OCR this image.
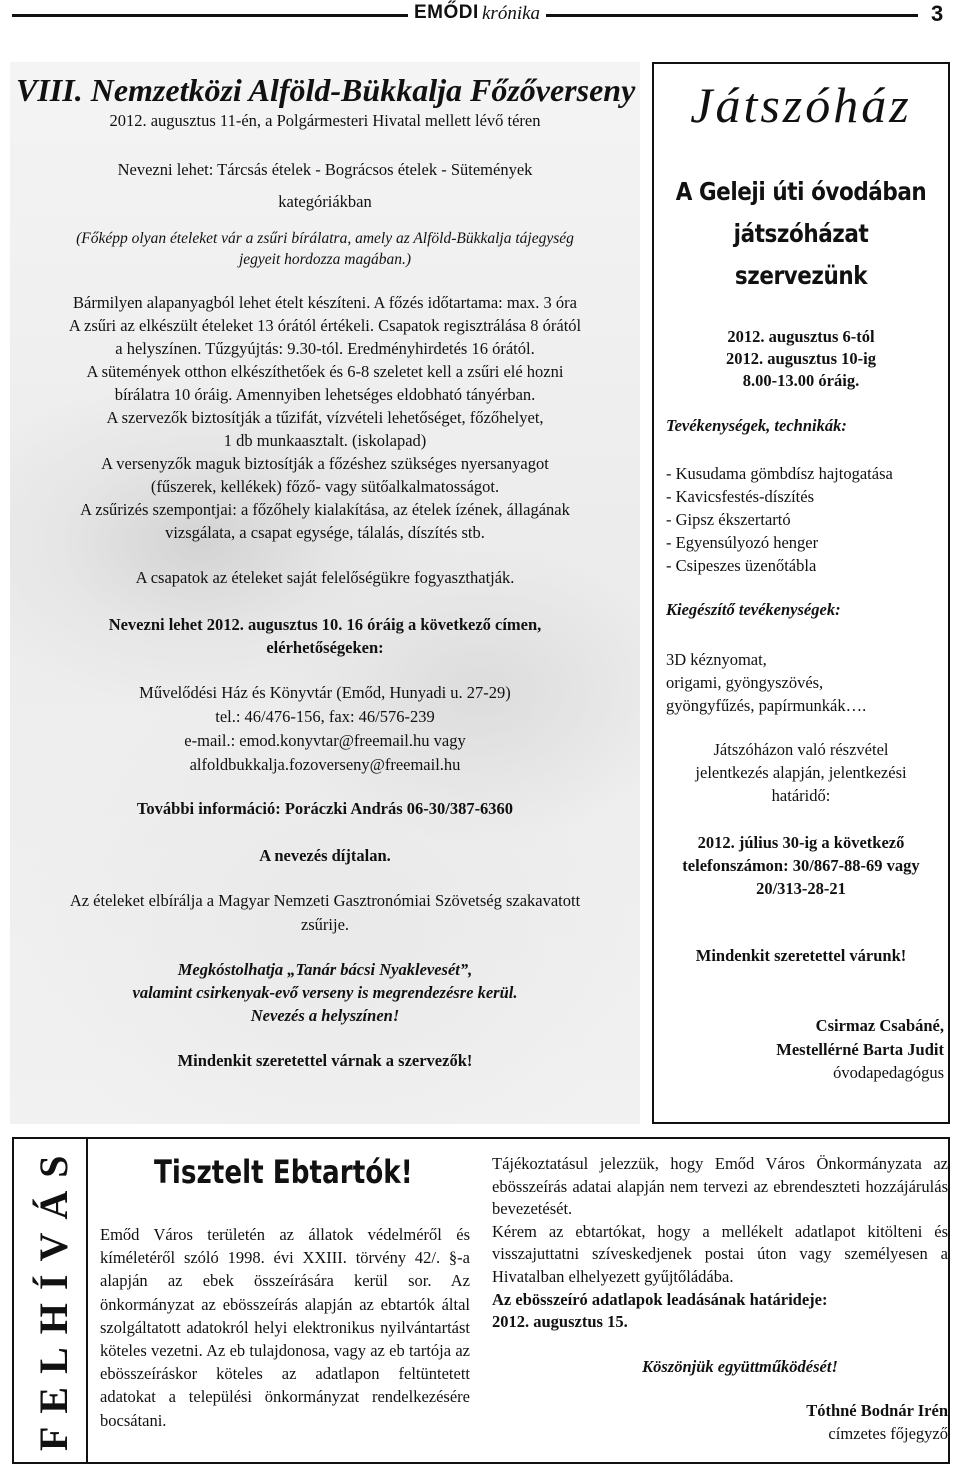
EMŐDI krónika	3
VIII. Nemzetközi Alföld-Bükkalja Főzőverseny
2012. augusztus 11-én, a Polgármesteri Hivatal mellett lévő téren
Nevezni lehet: Tárcsás ételek - Bográcsos ételek - Sütemények
kategóriákban
(Főképp olyan ételeket vár a zsűri bírálatra, amely az Alföld-Bükkalja tájegység
jegyeit hordozza magában.)
Bármilyen alapanyagból lehet ételt készíteni. A főzés időtartama: max. 3 óra
A zsűri az elkészült ételeket 13 órától értékeli. Csapatok regisztrálása 8 órától
a helyszínen. Tűzgyújtás: 9.30-tól. Eredményhirdetés 16 órától.
A sütemények otthon elkészíthetőek és 6-8 szeletet kell a zsűri elé hozni
bírálatra 10 óráig. Amennyiben lehetséges eldobható tányérban.
A szervezők biztosítják a tűzifát, vízvételi lehetőséget, főzőhelyet,
1 db munkaasztalt. (iskolapad)
A versenyzők maguk biztosítják a főzéshez szükséges nyersanyagot
(fűszerek, kellékek) főző- vagy sütőalkalmatosságot.
A zsűrizés szempontjai: a főzőhely kialakítása, az ételek ízének, állagának
vizsgálata, a csapat egysége, tálalás, díszítés stb.
A csapatok az ételeket saját felelőségükre fogyaszthatják.
Nevezni lehet 2012. augusztus 10. 16 óráig a következő címen,
elérhetőségeken:
Művelődési Ház és Könyvtár (Emőd, Hunyadi u. 27-29)
tel.: 46/476-156, fax: 46/576-239
e-mail.: emod.konyvtar@freemail.hu vagy
alfoldbukkalja.fozoverseny@freemail.hu
További információ: Poráczki András 06-30/387-6360
A nevezés díjtalan.
Az ételeket elbírálja a Magyar Nemzeti Gasztronómiai Szövetség szakavatott
zsűrije.
Megkóstolhatja „Tanár bácsi Nyaklevesét”,
valamint csirkenyak-evő verseny is megrendezésre kerül.
Nevezés a helyszínen!
Mindenkit szeretettel várnak a szervezők!
Játszóház
A Geleji úti óvodában
játszóházat
szervezünk
2012. augusztus 6-tól
2012. augusztus 10-ig
8.00-13.00 óráig.
Tevékenységek, technikák:
- Kusudama gömbdísz hajtogatása
- Kavicsfestés-díszítés
- Gipsz ékszertartó
- Egyensúlyozó henger
- Csipeszes üzenőtábla
Kiegészítő tevékenységek:
3D kéznyomat,
origami, gyöngyszövés,
gyöngyfűzés, papírmunkák….
Játszóházon való részvétel
jelentkezés alapján, jelentkezési
határidő:
2012. július 30-ig a következő
telefonszámon: 30/867-88-69 vagy
20/313-28-21
Mindenkit szeretettel várunk!
Csirmaz Csabáné,
Mestellérné Barta Judit
óvodapedagógus
FELHÍVÁS Tisztelt Ebtartók!
Emőd Város területén az állatok védelméről és kíméletéről szóló 1998. évi XXIII. törvény 42/. §-a alapján az ebek összeírására kerül sor. Az önkormányzat az ebösszeírás alapján az ebtartók által szolgáltatott adatokról helyi elektronikus nyilvántartást köteles vezetni. Az eb tulajdonosa, vagy az eb tartója az ebösszeíráskor köteles az adatlapon feltüntetett adatokat a települési önkormányzat rendelkezésére bocsátani.

Tájékoztatásul jelezzük, hogy Emőd Város Önkormányzata az ebösszeírás adatai alapján nem tervezi az ebrendeszteti hozzájárulás bevezetését.

Kérem az ebtartókat, hogy a mellékelt adatlapot kitölteni és visszajuttatni szíveskedjenek postai úton vagy személyesen a Hivatalban elhelyezett gyűjtőládába.

Az ebösszeíró adatlapok leadásának határideje:

2012. augusztus 15.

Köszönjük együttműködését!

Tóthné Bodnár Irén

címzetes főjegyző
